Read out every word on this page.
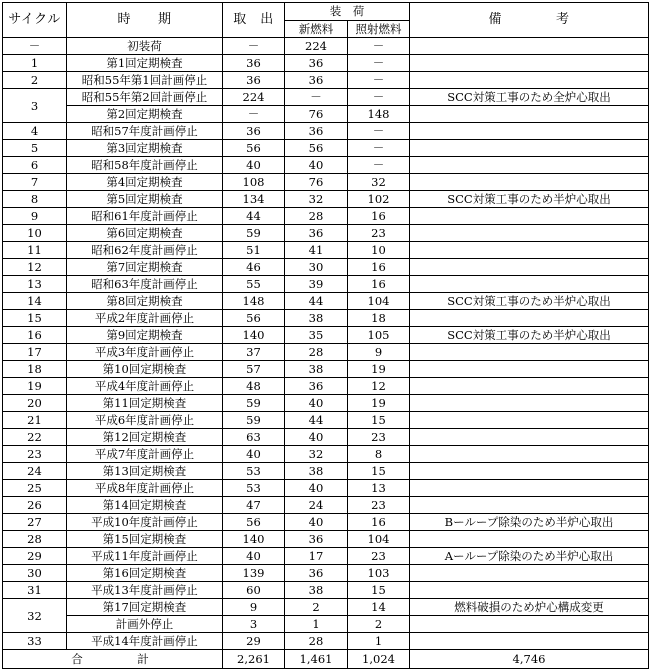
サイクル	時　　期	取　出	装　荷		備　　　　考
			新燃料	照射燃料	
－	初装荷	－	224	－	
1	第1回定期検査	36	36	－	
2	昭和55年第1回計画停止	36	36	－	
3	昭和55年第2回計画停止	224	－	－	SCC対策工事のため全炉心取出
	第2回定期検査	－	76	148	
4	昭和57年度計画停止	36	36	－	
5	第3回定期検査	56	56	－	
6	昭和58年度計画停止	40	40	－	
7	第4回定期検査	108	76	32	
8	第5回定期検査	134	32	102	SCC対策工事のため半炉心取出
9	昭和61年度計画停止	44	28	16	
10	第6回定期検査	59	36	23	
11	昭和62年度計画停止	51	41	10	
12	第7回定期検査	46	30	16	
13	昭和63年度計画停止	55	39	16	
14	第8回定期検査	148	44	104	SCC対策工事のため半炉心取出
15	平成2年度計画停止	56	38	18	
16	第9回定期検査	140	35	105	SCC対策工事のため半炉心取出
17	平成3年度計画停止	37	28	9	
18	第10回定期検査	57	38	19	
19	平成4年度計画停止	48	36	12	
20	第11回定期検査	59	40	19	
21	平成6年度計画停止	59	44	15	
22	第12回定期検査	63	40	23	
23	平成7年度計画停止	40	32	8	
24	第13回定期検査	53	38	15	
25	平成8年度計画停止	53	40	13	
26	第14回定期検査	47	24	23	
27	平成10年度計画停止	56	40	16	Bーループ除染のため半炉心取出
28	第15回定期検査	140	36	104	
29	平成11年度計画停止	40	17	23	Aーループ除染のため半炉心取出
30	第16回定期検査	139	36	103	
31	平成13年度計画停止	60	38	15	
32	第17回定期検査	9	2	14	燃料破損のため炉心構成変更
	計画外停止	3	1	2	
33	平成14年度計画停止	29	28	1	
合　　　計		2,261	1,461	1,024	4,746
